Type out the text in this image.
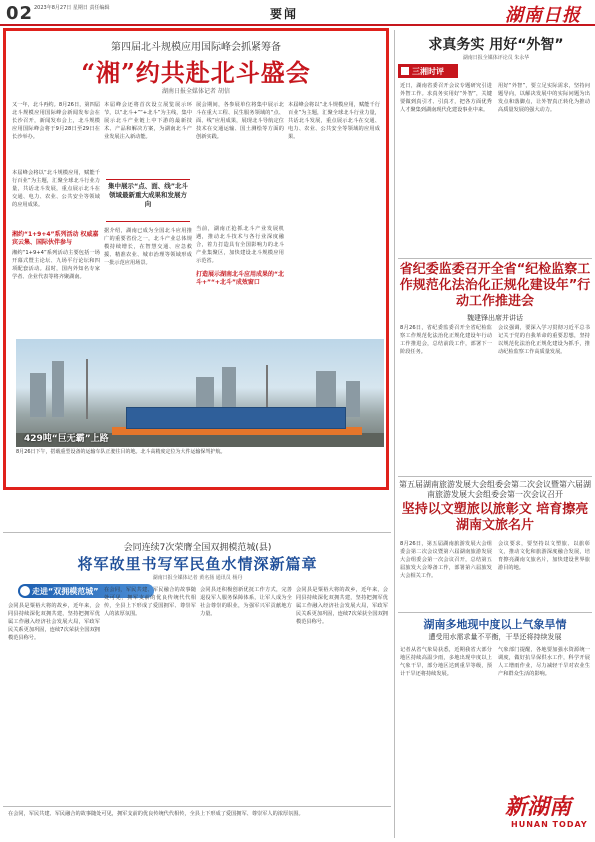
02 2023年8月27日 星期日 责任编辑	要闻	湖南日报
第四届北斗规模应用国际峰会抓紧筹备
“湘”约共赴北斗盛会
湖南日报全媒体记者 胡信
又一年，北斗再约。8月26日，第四届北斗规模应用国际峰会新闻发布会在长沙召开，新闻发布会上，北斗规模应用国际峰会将于9月28日至29日在长沙举办。
本届峰会将以“北斗规模应用，赋能千行百业”为主题，汇聚全球北斗行业力量，共话北斗发展，重点展示北斗在交通、电力、农业、公共安全等领域的应用成果。
湘约“1+9+4”系列活动 权威嘉宾云集、国际伙伴参与
湘约“1+9+4”系列活动主要包括一场开幕式暨主论坛、九场平行论坛和四项配套活动。届时，国内外知名专家学者、企业代表等将齐聚湖南。
本届峰会还将首次设立展览展示环节，以“北斗+”“+北斗”为主线，集中展示北斗产业链上中下游的最新技术、产品和解决方案，为湖南北斗产业发展注入新动能。
集中展示“点、面、线”北斗领域最新重大成果和发展方向
据介绍，湖南已成为全国北斗应用推广的重要省份之一，北斗产业总体规模持续增长，在智慧交通、应急救援、精准农业、城市治理等领域形成一批示范应用场景。
展会期间，各参展单位将集中展示北斗在重大工程、民生服务领域的“点、面、线”应用成果，展现北斗导航定位技术在交通运输、国土测绘等方面的创新实践。
打造展示湖南北斗应用成果的“北斗+”“+北斗”成效窗口
当前，湖南正抢抓北斗产业发展机遇，推动北斗技术与各行业深度融合，着力打造具有全国影响力的北斗产业集聚区，加快建设北斗规模应用示范省。
本届峰会将以“北斗规模应用，赋能千行百业”为主题，汇聚全球北斗行业力量，共话北斗发展，重点展示北斗在交通、电力、农业、公共安全等领域的应用成果。
429吨“巨无霸”上路
8月26日下午，搭载重型设备的运输车队正驶往目的地。北斗高精度定位为大件运输保驾护航。
会同连续7次荣膺全国双拥模范城(县)
将军故里书写军民鱼水情深新篇章
湖南日报全媒体记者 黄名扬 通讯员 杨丹
走进“双拥模范城”
会同县是粟裕大将的故乡，近年来，会同县持续深化双拥共建，坚持把拥军优属工作融入经济社会发展大局，军政军民关系更加巩固，连续7次荣获全国双拥模范县称号。
在会同，军民共建、军民融合的故事随处可见，拥军支前的优良传统代代相传，全县上下形成了爱国拥军、尊崇军人的浓厚氛围。
会同县还积极创新优抚工作方式，完善退役军人服务保障体系，让军人成为全社会尊崇的职业，为强军兴军贡献地方力量。
会同县是粟裕大将的故乡，近年来，会同县持续深化双拥共建，坚持把拥军优属工作融入经济社会发展大局，军政军民关系更加巩固，连续7次荣获全国双拥模范县称号。
在会同，军民共建、军民融合的故事随处可见，拥军支前的优良传统代代相传，全县上下形成了爱国拥军、尊崇军人的浓厚氛围。
求真务实 用好“外智”
湖南日报全媒体评论员 朱永华
三湘时评
近日，湖南省委召开会议专题研究引进外智工作。求真务实用好“外智”，关键要做到真引才、引真才，把各方面优秀人才聚集到湖南现代化建设事业中来。
用好“外智”，要立足实际需求，坚持问题导向，以解决发展中的实际问题为出发点和落脚点，让外智真正转化为推动高质量发展的强大动力。
省纪委监委召开全省“纪检监察工作规范化法治化正规化建设年”行动工作推进会
魏建锋出席并讲话
8月26日，省纪委监委召开全省纪检监察工作规范化法治化正规化建设年行动工作推进会，总结前段工作，部署下一阶段任务。
会议强调，要深入学习贯彻习近平总书记关于党的自我革命的重要思想，坚持以规范化法治化正规化建设为抓手，推动纪检监察工作高质量发展。
第五届湖南旅游发展大会组委会第二次会议暨第六届湖南旅游发展大会组委会第一次会议召开
坚持以文塑旅以旅彰文 培育擦亮湖南文旅名片
8月26日，第五届湖南旅游发展大会组委会第二次会议暨第六届湖南旅游发展大会组委会第一次会议召开，总结第五届旅发大会筹备工作，部署第六届旅发大会相关工作。
会议要求，要坚持以文塑旅、以旅彰文，推动文化和旅游深度融合发展，培育擦亮湖南文旅名片，加快建设世界旅游目的地。
湖南多地现中度以上气象旱情
遭受用水需求量不平衡，干旱还将持续发展
记者从省气象局获悉，近期我省大部分地区持续高温少雨，多地出现中度以上气象干旱，部分地区达到重旱等级，预计干旱还将持续发展。
气象部门提醒，各地要加强水资源统一调度，做好抗旱保供水工作，科学开展人工增雨作业，尽力减轻干旱对农业生产和群众生活的影响。
新湖南
HUNAN TODAY
